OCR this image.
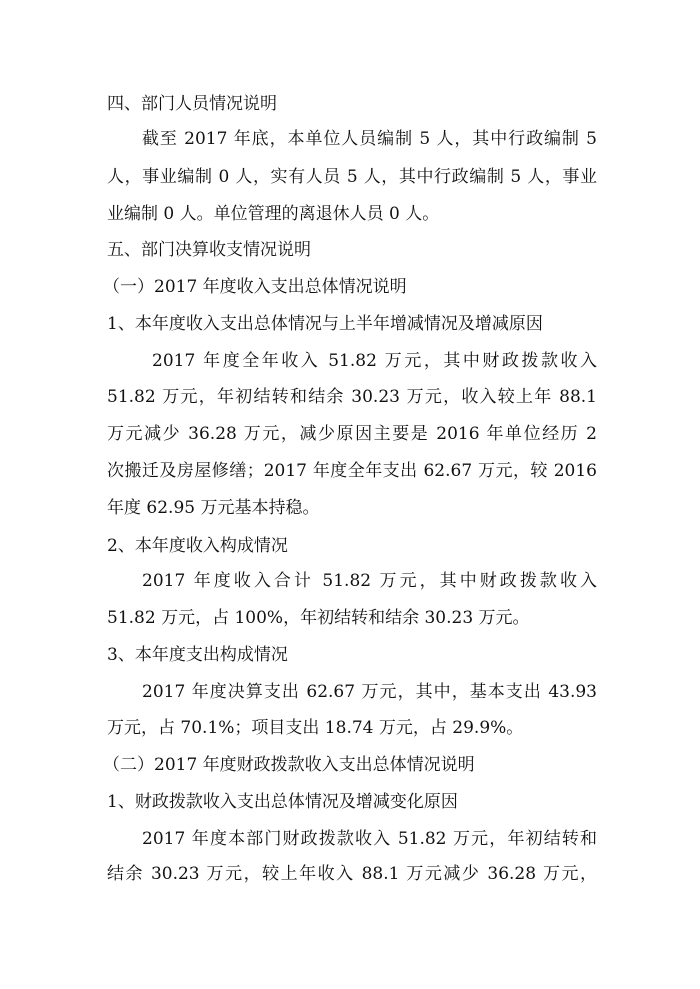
四、部门人员情况说明
截至 2017 年底，本单位人员编制 5 人，其中行政编制 5
人，事业编制 0 人，实有人员 5 人，其中行政编制 5 人，事业
业编制 0 人。单位管理的离退休人员 0 人。
五、部门决算收支情况说明
（一）2017 年度收入支出总体情况说明
1、本年度收入支出总体情况与上半年增减情况及增减原因
2017 年度全年收入 51.82 万元，其中财政拨款收入
51.82 万元，年初结转和结余 30.23 万元，收入较上年 88.1
万元减少 36.28 万元，减少原因主要是 2016 年单位经历 2
次搬迁及房屋修缮；2017 年度全年支出 62.67 万元，较 2016
年度 62.95 万元基本持稳。
2、本年度收入构成情况
2017 年度收入合计 51.82 万元，其中财政拨款收入
51.82 万元，占 100%，年初结转和结余 30.23 万元。
3、本年度支出构成情况
2017 年度决算支出 62.67 万元，其中，基本支出 43.93
万元，占 70.1%；项目支出 18.74 万元，占 29.9%。
（二）2017 年度财政拨款收入支出总体情况说明
1、财政拨款收入支出总体情况及增减变化原因
2017 年度本部门财政拨款收入 51.82 万元，年初结转和
结余 30.23 万元，较上年收入 88.1 万元减少 36.28 万元，
